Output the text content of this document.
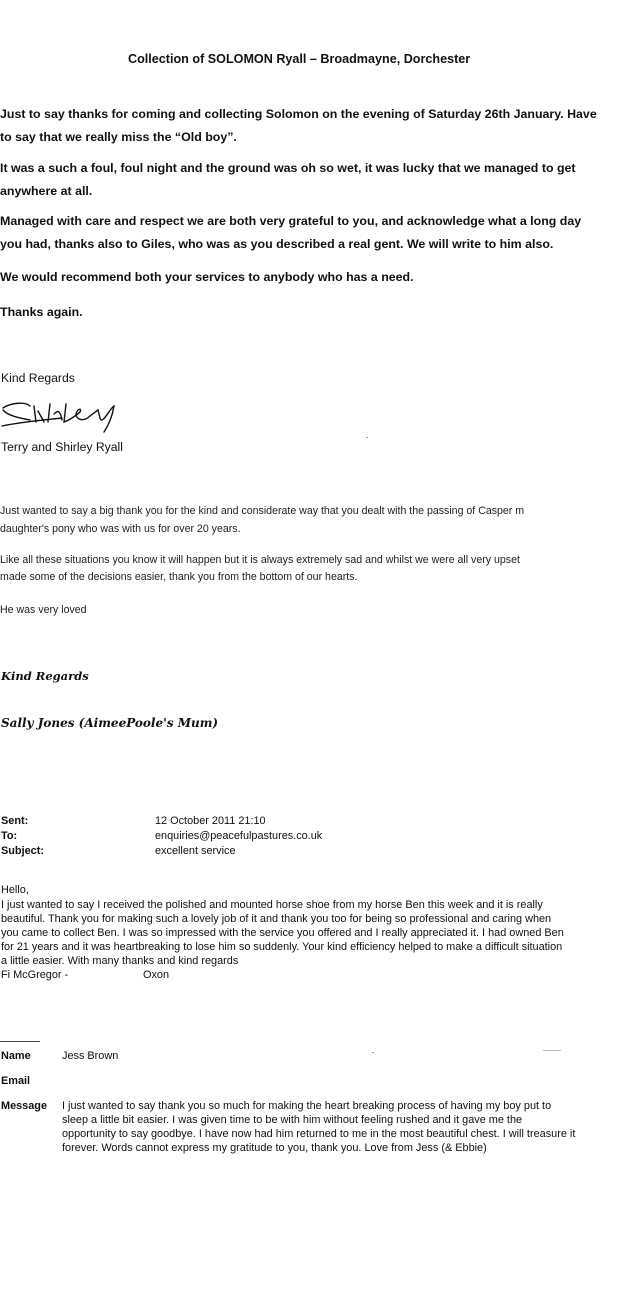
Collection of SOLOMON Ryall – Broadmayne, Dorchester
Just to say thanks for coming and collecting Solomon on the evening of Saturday 26th January. Have
to say that we really miss the “Old boy”.
It was a such a foul, foul night and the ground was oh so wet, it was lucky that we managed to get
anywhere at all.
Managed with care and respect we are both very grateful to you, and acknowledge what a long day
you had, thanks also to Giles, who was as you described a real gent. We will write to him also.
We would recommend both your services to anybody who has a need.
Thanks again.
Kind Regards
Terry and Shirley Ryall
Just wanted to say a big thank you for the kind and considerate way that you dealt with the passing of Casper m
daughter's pony who was with us for over 20 years.
Like all these situations you know it will happen but it is always extremely sad and whilst we were all very upset
made some of the decisions easier, thank you from the bottom of our hearts.
He was very loved
Kind Regards
Sally Jones (AimeePoole's Mum)
Sent:	12 October 2011 21:10
To:	enquiries@peacefulpastures.co.uk
Subject:	excellent service
Hello,
I just wanted to say I received the polished and mounted horse shoe from my horse Ben this week and it is really
beautiful. Thank you for making such a lovely job of it and thank you too for being so professional and caring when
you came to collect Ben. I was so impressed with the service you offered and I really appreciated it. I had owned Ben
for 21 years and it was heartbreaking to lose him so suddenly. Your kind efficiency helped to make a difficult situation
a little easier. With many thanks and kind regards
Fi McGregor -	Oxon
Name	Jess Brown
Email
Message I just wanted to say thank you so much for making the heart breaking process of having my boy put to
sleep a little bit easier. I was given time to be with him without feeling rushed and it gave me the
opportunity to say goodbye. I have now had him returned to me in the most beautiful chest. I will treasure it
forever. Words cannot express my gratitude to you, thank you. Love from Jess (& Ebbie)
